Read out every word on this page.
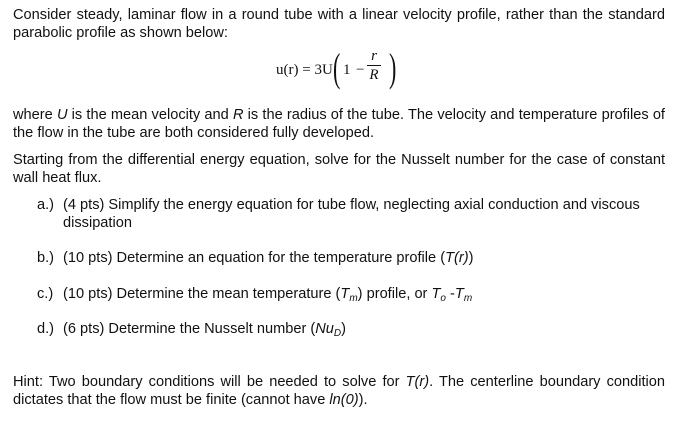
Consider steady, laminar flow in a round tube with a linear velocity profile, rather than the standard parabolic profile as shown below:
u(r) = 3U ( 1 −
r
R )
where U is the mean velocity and R is the radius of the tube. The velocity and temperature profiles of the flow in the tube are both considered fully developed.
Starting from the differential energy equation, solve for the Nusselt number for the case of constant wall heat flux.
a.) (4 pts) Simplify the energy equation for tube flow, neglecting axial conduction and viscous dissipation
b.) (10 pts) Determine an equation for the temperature profile (T(r))
c.) (10 pts) Determine the mean temperature $(T_m)$ profile, or $T_o$ $-T_m$
d.) (6 pts) Determine the Nusselt number $(Nu_D)$
Hint: Two boundary conditions will be needed to solve for T(r). The centerline boundary condition dictates that the flow must be finite (cannot have ln(0)).
